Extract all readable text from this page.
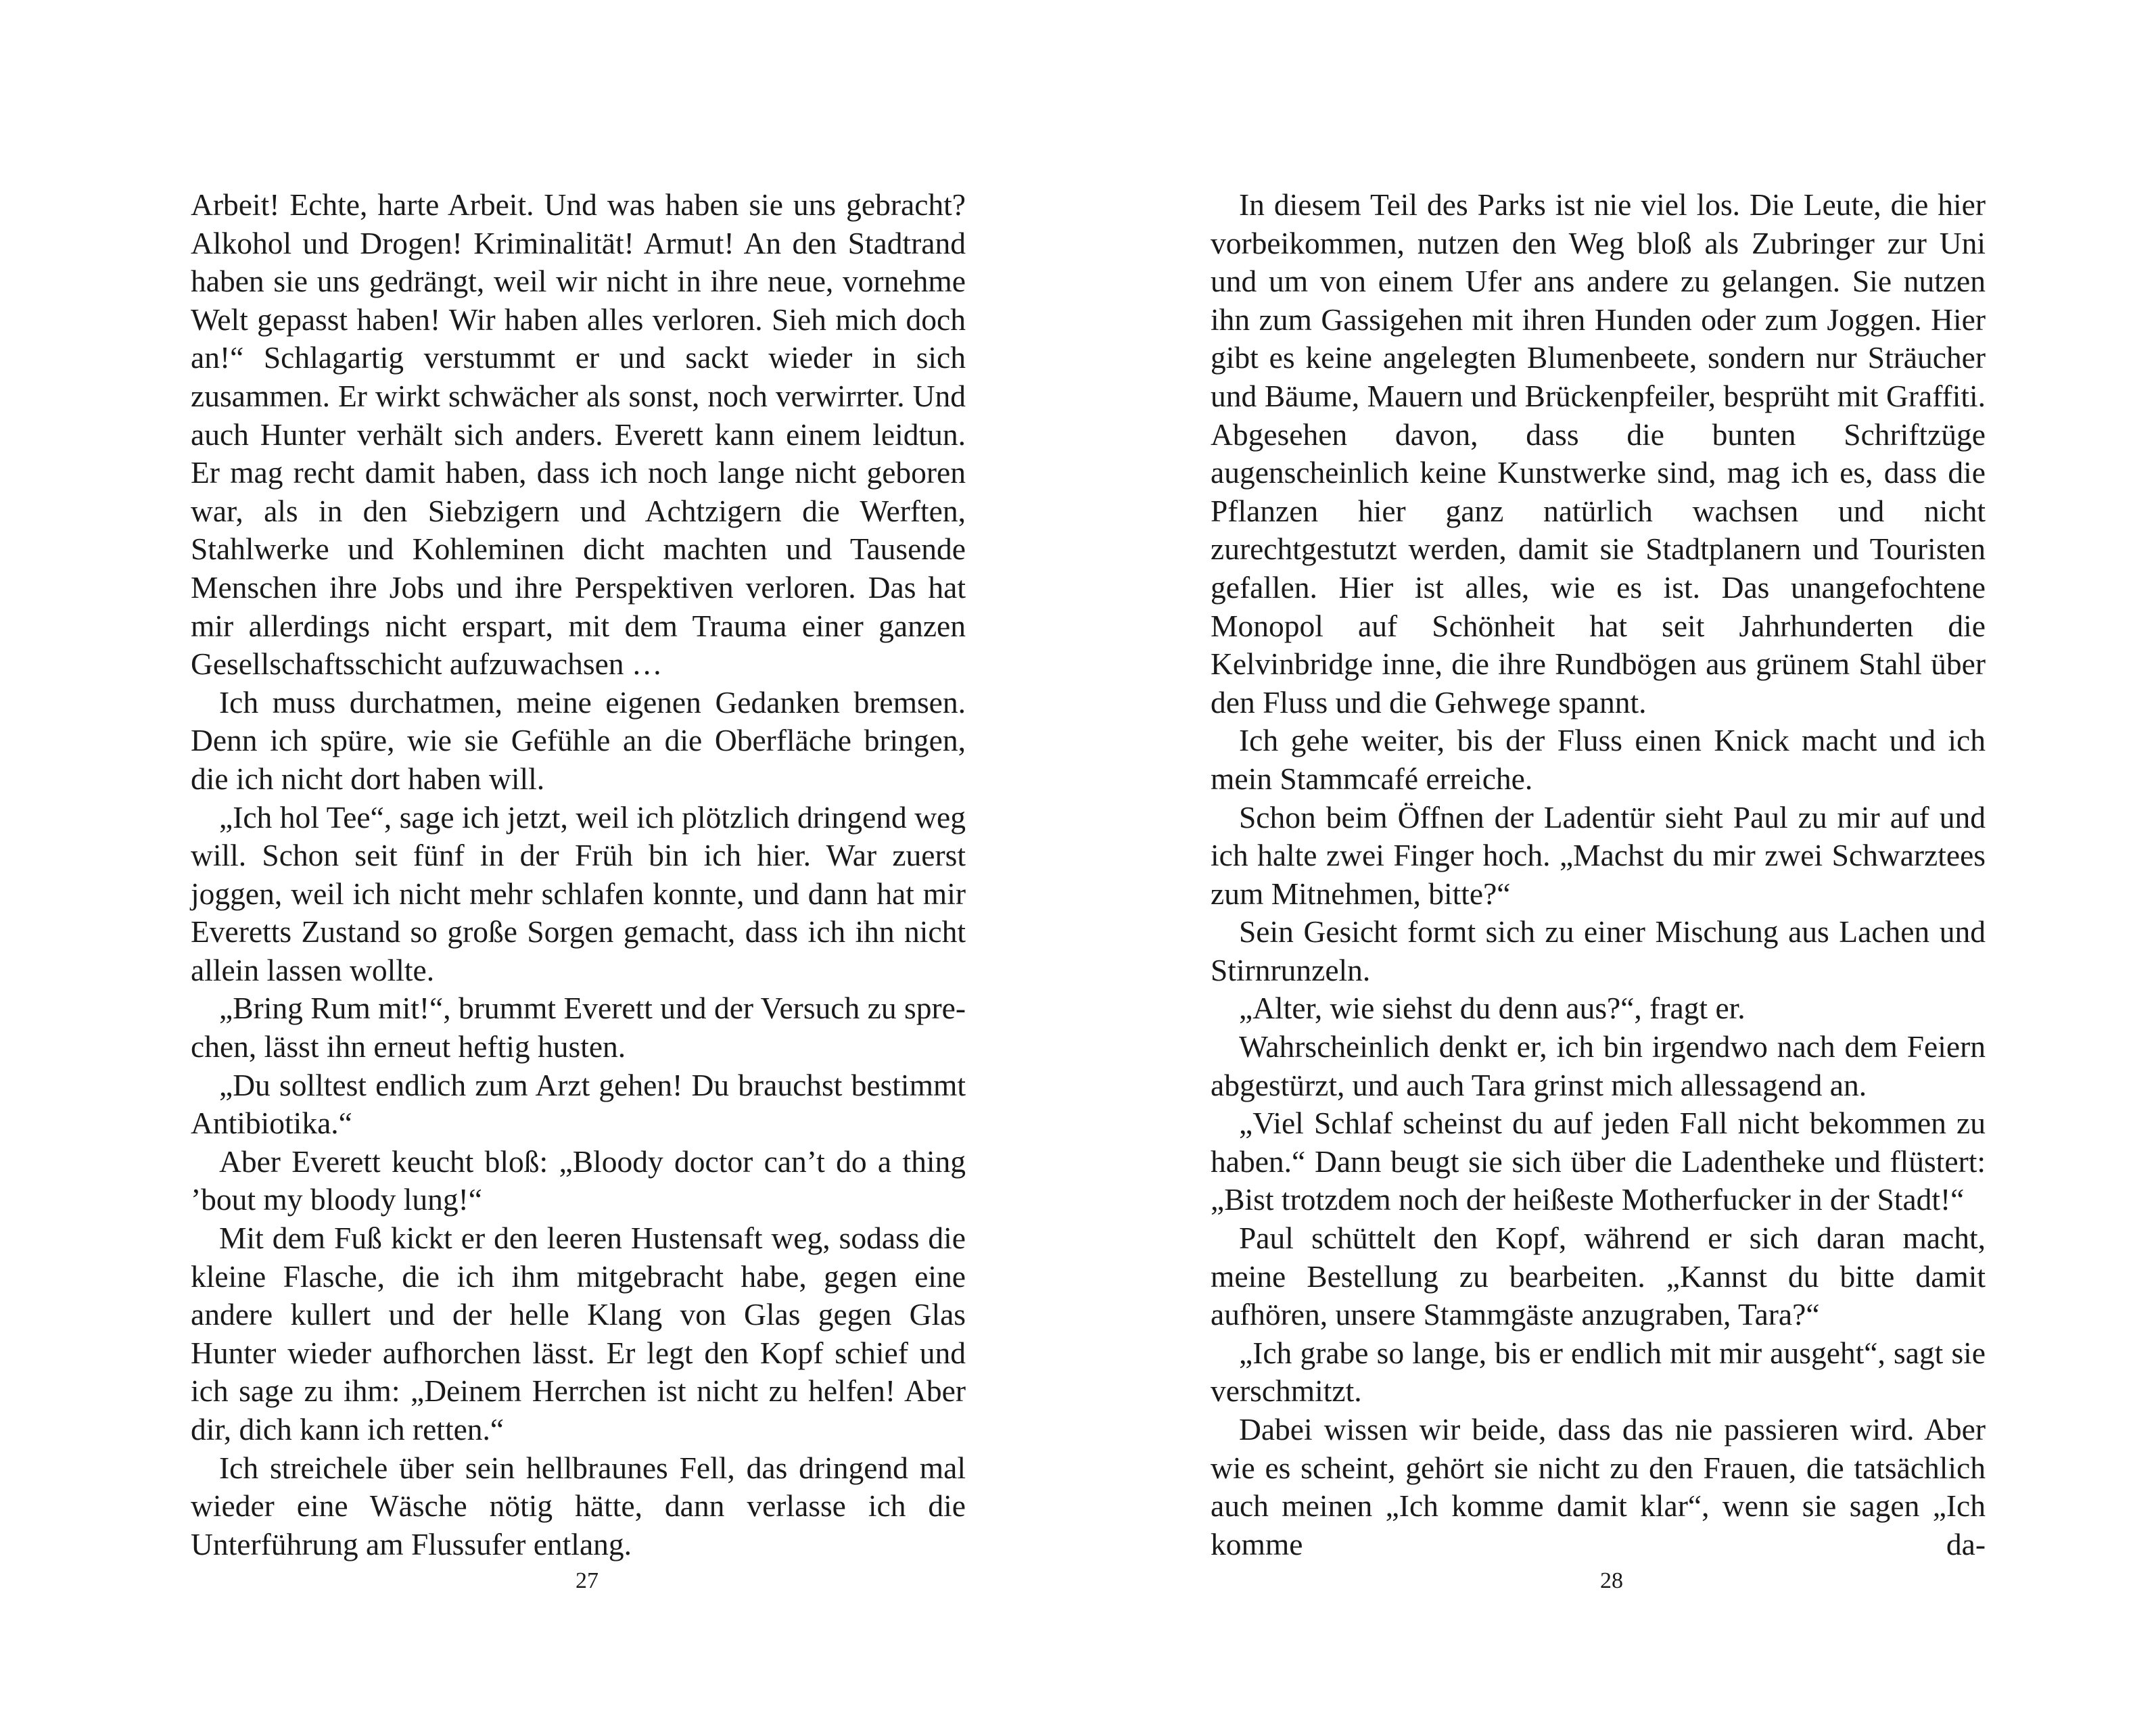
Arbeit! Echte, harte Arbeit. Und was haben sie uns gebracht? Alkohol und Drogen! Kriminalität! Armut! An den Stadtrand haben sie uns gedrängt, weil wir nicht in ihre neue, vornehme Welt gepasst haben! Wir haben alles verloren. Sieh mich doch an!“ Schlagartig verstummt er und sackt wieder in sich zusammen. Er wirkt schwächer als sonst, noch verwirrter. Und auch Hunter verhält sich anders. Everett kann einem leidtun. Er mag recht damit haben, dass ich noch lange nicht geboren war, als in den Siebzigern und Achtzigern die Werften, Stahlwerke und Kohleminen dicht machten und Tausende Menschen ihre Jobs und ihre Perspektiven verloren. Das hat mir allerdings nicht erspart, mit dem Trauma einer ganzen Gesellschaftsschicht aufzuwachsen …

Ich muss durchatmen, meine eigenen Gedanken bremsen. Denn ich spüre, wie sie Gefühle an die Oberfläche bringen, die ich nicht dort haben will.

„Ich hol Tee“, sage ich jetzt, weil ich plötzlich dringend weg will. Schon seit fünf in der Früh bin ich hier. War zuerst joggen, weil ich nicht mehr schlafen konnte, und dann hat mir Everetts Zustand so große Sorgen gemacht, dass ich ihn nicht allein lassen wollte.

„Bring Rum mit!“, brummt Everett und der Versuch zu sprechen, lässt ihn erneut heftig husten.

„Du solltest endlich zum Arzt gehen! Du brauchst bestimmt Antibiotika.“

Aber Everett keucht bloß: „Bloody doctor can’t do a thing ’bout my bloody lung!“

Mit dem Fuß kickt er den leeren Hustensaft weg, sodass die kleine Flasche, die ich ihm mitgebracht habe, gegen eine andere kullert und der helle Klang von Glas gegen Glas Hunter wieder aufhorchen lässt. Er legt den Kopf schief und ich sage zu ihm: „Deinem Herrchen ist nicht zu helfen! Aber dir, dich kann ich retten.“

Ich streichele über sein hellbraunes Fell, das dringend mal wieder eine Wäsche nötig hätte, dann verlasse ich die Unterführung am Flussufer entlang.

27

In diesem Teil des Parks ist nie viel los. Die Leute, die hier vorbeikommen, nutzen den Weg bloß als Zubringer zur Uni und um von einem Ufer ans andere zu gelangen. Sie nutzen ihn zum Gassigehen mit ihren Hunden oder zum Joggen. Hier gibt es keine angelegten Blumenbeete, sondern nur Sträucher und Bäume, Mauern und Brückenpfeiler, besprüht mit Graffiti. Abgesehen davon, dass die bunten Schriftzüge augenscheinlich keine Kunstwerke sind, mag ich es, dass die Pflanzen hier ganz natürlich wachsen und nicht zurechtgestutzt werden, damit sie Stadtplanern und Touristen gefallen. Hier ist alles, wie es ist. Das unangefochtene Monopol auf Schönheit hat seit Jahrhunderten die Kelvinbridge inne, die ihre Rundbögen aus grünem Stahl über den Fluss und die Gehwege spannt.

Ich gehe weiter, bis der Fluss einen Knick macht und ich mein Stammcafé erreiche.

Schon beim Öffnen der Ladentür sieht Paul zu mir auf und ich halte zwei Finger hoch. „Machst du mir zwei Schwarztees zum Mitnehmen, bitte?“

Sein Gesicht formt sich zu einer Mischung aus Lachen und Stirnrunzeln.

„Alter, wie siehst du denn aus?“, fragt er.

Wahrscheinlich denkt er, ich bin irgendwo nach dem Feiern abgestürzt, und auch Tara grinst mich allessagend an.

„Viel Schlaf scheinst du auf jeden Fall nicht bekommen zu haben.“ Dann beugt sie sich über die Ladentheke und flüstert: „Bist trotzdem noch der heißeste Motherfucker in der Stadt!“

Paul schüttelt den Kopf, während er sich daran macht, meine Bestellung zu bearbeiten. „Kannst du bitte damit aufhören, unsere Stammgäste anzugraben, Tara?“

„Ich grabe so lange, bis er endlich mit mir ausgeht“, sagt sie verschmitzt.

Dabei wissen wir beide, dass das nie passieren wird. Aber wie es scheint, gehört sie nicht zu den Frauen, die tatsächlich auch meinen „Ich komme damit klar“, wenn sie sagen „Ich komme da-

28
